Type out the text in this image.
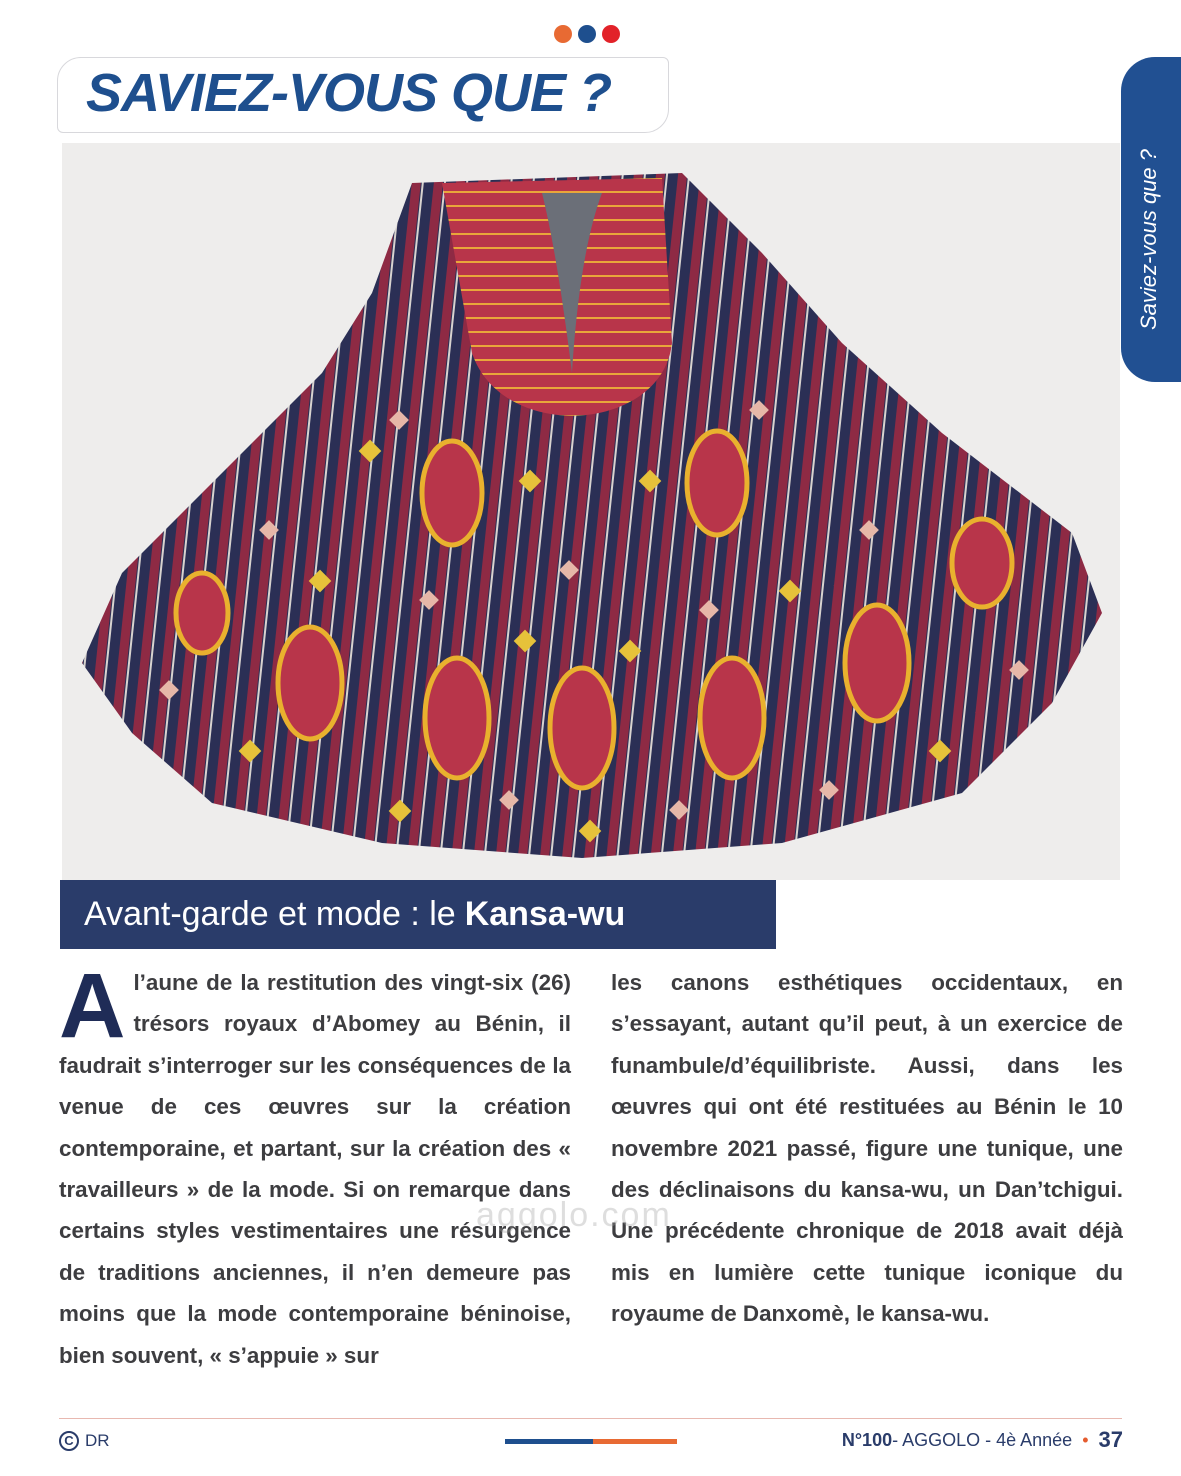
SAVIEZ-VOUS QUE ?
Saviez-vous que ?
Avant-garde et mode : le Kansa-wu
A l’aune de la restitution des vingt-six (26) trésors royaux d’Abomey au Bénin, il faudrait s’interroger sur les conséquences de la venue de ces œuvres sur la création contemporaine, et partant, sur la création des « travailleurs » de la mode. Si on remarque dans certains styles vestimentaires une résurgence de traditions anciennes, il n’en demeure pas moins que la mode contemporaine béninoise, bien souvent, « s’appuie » sur

les canons esthétiques occidentaux, en s’essayant, autant qu’il peut, à un exercice de funambule/d’équilibriste. Aussi, dans les œuvres qui ont été restituées au Bénin le 10 novembre 2021 passé, figure une tunique, une des déclinaisons du kansa-wu, un Dan’tchigui. Une précédente chronique de 2018 avait déjà mis en lumière cette tunique iconique du royaume de Danxomè, le kansa-wu.

aggolo.com
C DR	N°100 - AGGOLO - 4è Année • 37
